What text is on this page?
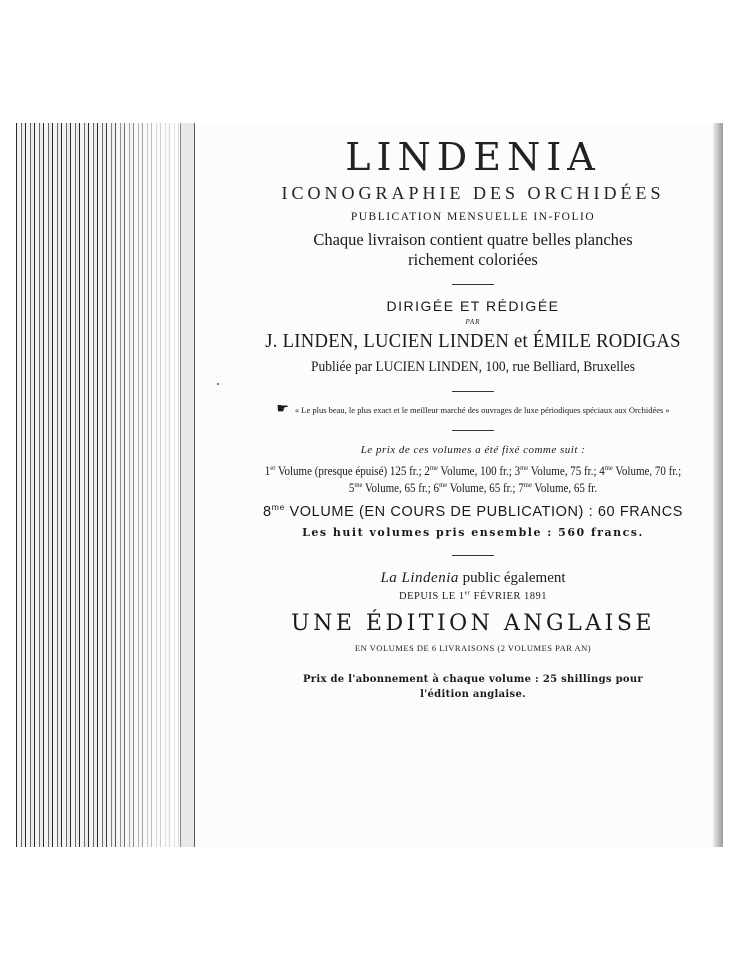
LINDENIA
ICONOGRAPHIE DES ORCHIDÉES
PUBLICATION MENSUELLE IN-FOLIO
Chaque livraison contient quatre belles planches
richement coloriées
DIRIGÉE ET RÉDIGÉE
PAR
J. LINDEN, LUCIEN LINDEN et ÉMILE RODIGAS
Publiée par LUCIEN LINDEN, 100, rue Belliard, Bruxelles
☛ « Le plus beau, le plus exact et le meilleur marché des ouvrages de luxe périodiques spéciaux aux Orchidées »
Le prix de ces volumes a été fixé comme suit :
1er Volume (presque épuisé) 125 fr.; $2^{me}$ Volume, 100 fr.; $3^{me}$ Volume, 75 fr.; $4^{me}$ Volume, 70 fr.;
$5^{me}$ Volume, 65 fr.; $6^{me}$ Volume, 65 fr.; $7^{me}$ Volume, 65 fr.
$8^{me}$ VOLUME (EN COURS DE PUBLICATION) : 60 FRANCS
Les huit volumes pris ensemble : 560 francs.
La Lindenia public également
DEPUIS LE 1er FÉVRIER 1891
UNE ÉDITION ANGLAISE
EN VOLUMES DE 6 LIVRAISONS (2 VOLUMES PAR AN)
Prix de l'abonnement à chaque volume : 25 shillings pour
l'édition anglaise.
